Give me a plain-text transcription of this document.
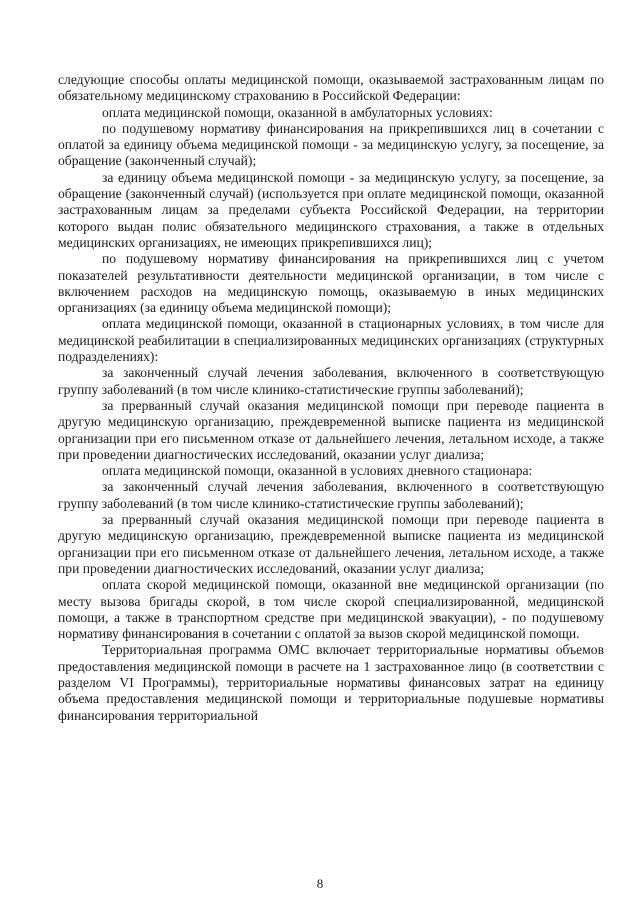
следующие способы оплаты медицинской помощи, оказываемой застрахованным лицам по обязательному медицинскому страхованию в Российской Федерации:

оплата медицинской помощи, оказанной в амбулаторных условиях:

по подушевому нормативу финансирования на прикрепившихся лиц в сочетании с оплатой за единицу объема медицинской помощи - за медицинскую услугу, за посещение, за обращение (законченный случай);

за единицу объема медицинской помощи - за медицинскую услугу, за посещение, за обращение (законченный случай) (используется при оплате медицинской помощи, оказанной застрахованным лицам за пределами субъекта Российской Федерации, на территории которого выдан полис обязательного медицинского страхования, а также в отдельных медицинских организациях, не имеющих прикрепившихся лиц);

по подушевому нормативу финансирования на прикрепившихся лиц с учетом показателей результативности деятельности медицинской организации, в том числе с включением расходов на медицинскую помощь, оказываемую в иных медицинских организациях (за единицу объема медицинской помощи);

оплата медицинской помощи, оказанной в стационарных условиях, в том числе для медицинской реабилитации в специализированных медицинских организациях (структурных подразделениях):

за законченный случай лечения заболевания, включенного в соответствующую группу заболеваний (в том числе клинико-статистические группы заболеваний);

за прерванный случай оказания медицинской помощи при переводе пациента в другую медицинскую организацию, преждевременной выписке пациента из медицинской организации при его письменном отказе от дальнейшего лечения, летальном исходе, а также при проведении диагностических исследований, оказании услуг диализа;

оплата медицинской помощи, оказанной в условиях дневного стационара:

за законченный случай лечения заболевания, включенного в соответствующую группу заболеваний (в том числе клинико-статистические группы заболеваний);

за прерванный случай оказания медицинской помощи при переводе пациента в другую медицинскую организацию, преждевременной выписке пациента из медицинской организации при его письменном отказе от дальнейшего лечения, летальном исходе, а также при проведении диагностических исследований, оказании услуг диализа;

оплата скорой медицинской помощи, оказанной вне медицинской организации (по месту вызова бригады скорой, в том числе скорой специализированной, медицинской помощи, а также в транспортном средстве при медицинской эвакуации), - по подушевому нормативу финансирования в сочетании с оплатой за вызов скорой медицинской помощи.

Территориальная программа ОМС включает территориальные нормативы объемов предоставления медицинской помощи в расчете на 1 застрахованное лицо (в соответствии с разделом VI Программы), территориальные нормативы финансовых затрат на единицу объема предоставления медицинской помощи и территориальные подушевые нормативы финансирования территориальной

8
